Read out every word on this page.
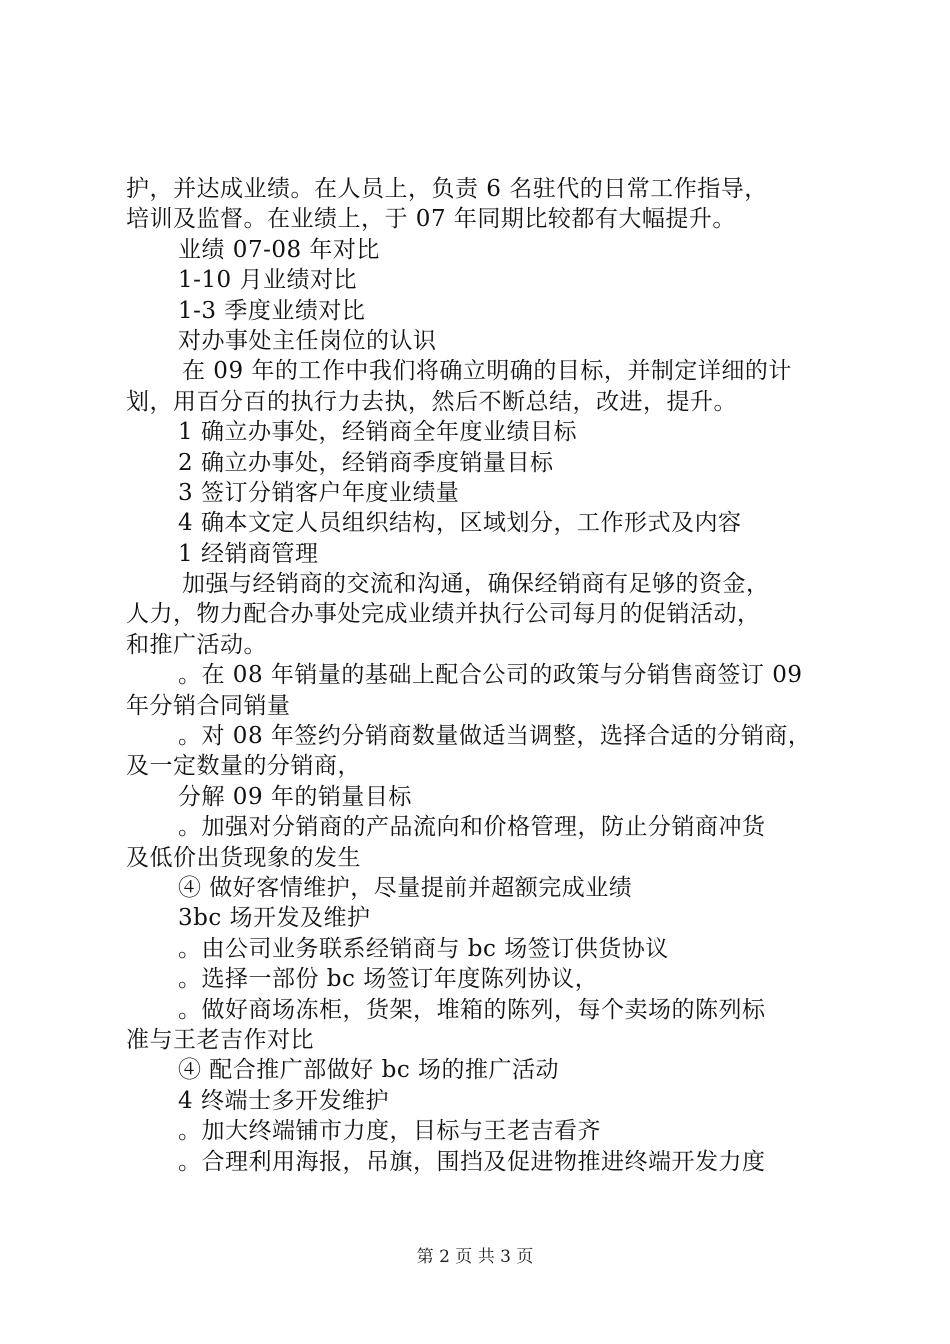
护，并达成业绩。在人员上，负责 6 名驻代的日常工作指导，
培训及监督。在业绩上，于 07 年同期比较都有大幅提升。
业绩 07-08 年对比
1-10 月业绩对比
1-3 季度业绩对比
对办事处主任岗位的认识
在 09 年的工作中我们将确立明确的目标，并制定详细的计
划，用百分百的执行力去执，然后不断总结，改进，提升。
1 确立办事处，经销商全年度业绩目标
2 确立办事处，经销商季度销量目标
3 签订分销客户年度业绩量
4 确本文定人员组织结构，区域划分，工作形式及内容
1 经销商管理
加强与经销商的交流和沟通，确保经销商有足够的资金，
人力，物力配合办事处完成业绩并执行公司每月的促销活动，
和推广活动。
。在 08 年销量的基础上配合公司的政策与分销售商签订 09
年分销合同销量
。对 08 年签约分销商数量做适当调整，选择合适的分销商，
及一定数量的分销商，
分解 09 年的销量目标
。加强对分销商的产品流向和价格管理，防止分销商冲货
及低价出货现象的发生
④ 做好客情维护，尽量提前并超额完成业绩
3bc 场开发及维护
。由公司业务联系经销商与 bc 场签订供货协议
。选择一部份 bc 场签订年度陈列协议，
。做好商场冻柜，货架，堆箱的陈列，每个卖场的陈列标
准与王老吉作对比
④ 配合推广部做好 bc 场的推广活动
4 终端士多开发维护
。加大终端铺市力度，目标与王老吉看齐
。合理利用海报，吊旗，围挡及促进物推进终端开发力度
第 2 页 共 3 页
